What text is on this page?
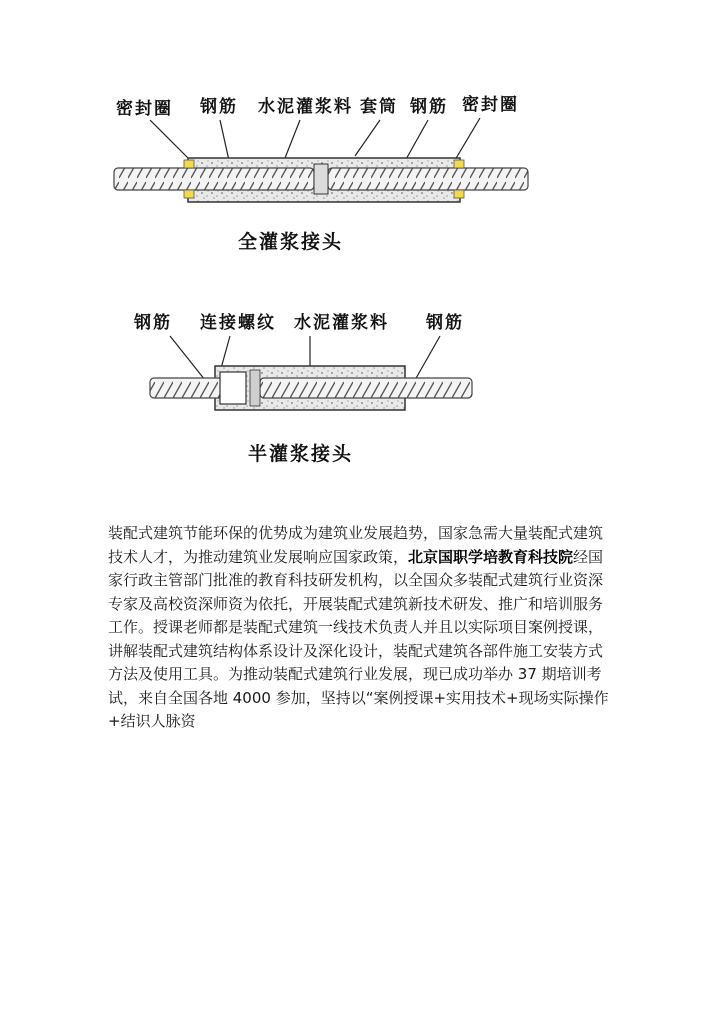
密封圈 钢筋 水泥灌浆料 套筒 钢筋 密封圈
全灌浆接头
钢筋 连接螺纹 水泥灌浆料 钢筋
半灌浆接头

装配式建筑节能环保的优势成为建筑业发展趋势，国家急需大量装配式建筑技术人才，为推动建筑业发展响应国家政策，北京国职学培教育科技院经国家行政主管部门批准的教育科技研发机构，以全国众多装配式建筑行业资深专家及高校资深师资为依托，开展装配式建筑新技术研发、推广和培训服务工作。授课老师都是装配式建筑一线技术负责人并且以实际项目案例授课，讲解装配式建筑结构体系设计及深化设计，装配式建筑各部件施工安装方式方法及使用工具。为推动装配式建筑行业发展，现已成功举办 37 期培训考试，来自全国各地 4000 参加，坚持以“案例授课+实用技术+现场实际操作+结识人脉资
